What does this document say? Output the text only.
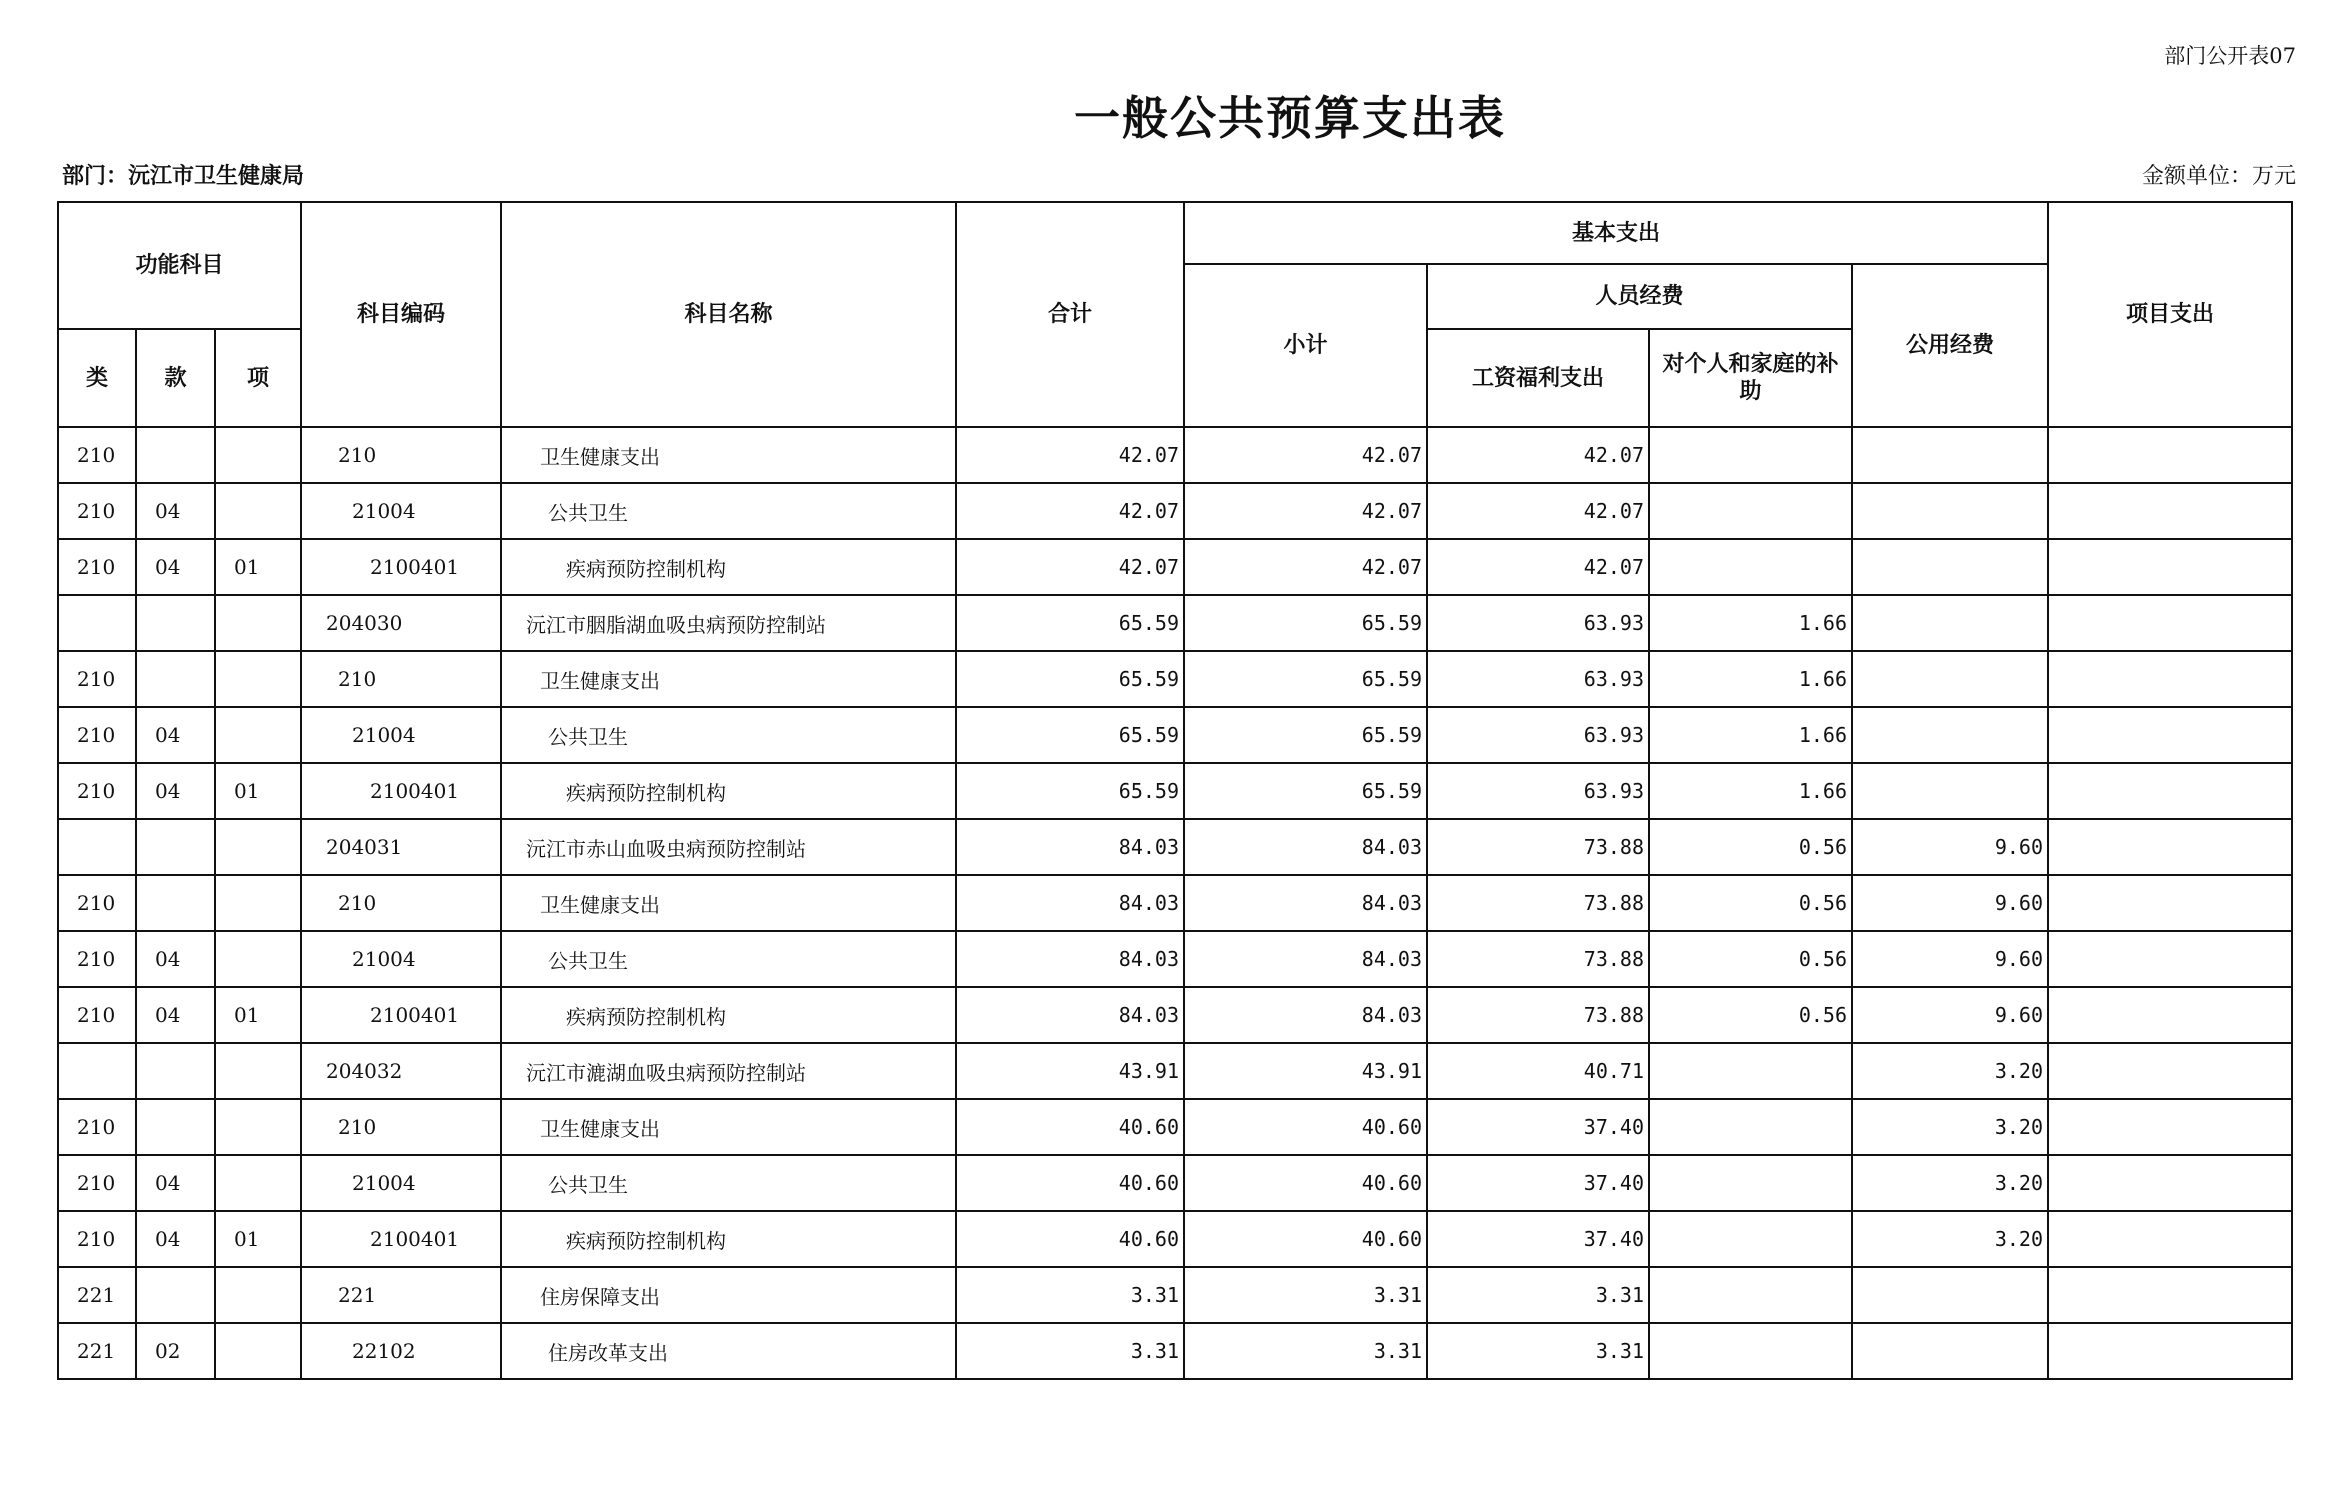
部门公开表07
一般公共预算支出表
部门：沅江市卫生健康局	金额单位：万元
功能科目			科目编码	科目名称	合计	基本支出				项目支出
						小计	人员经费		公用经费	
类	款	项					工资福利支出	对个人和家庭的补助		
210			210	卫生健康支出	42.07	42.07	42.07			
210	04		21004	公共卫生	42.07	42.07	42.07			
210	04	01	2100401	疾病预防控制机构	42.07	42.07	42.07			
			204030	沅江市胭脂湖血吸虫病预防控制站	65.59	65.59	63.93	1.66		
210			210	卫生健康支出	65.59	65.59	63.93	1.66		
210	04		21004	公共卫生	65.59	65.59	63.93	1.66		
210	04	01	2100401	疾病预防控制机构	65.59	65.59	63.93	1.66		
			204031	沅江市赤山血吸虫病预防控制站	84.03	84.03	73.88	0.56	9.60	
210			210	卫生健康支出	84.03	84.03	73.88	0.56	9.60	
210	04		21004	公共卫生	84.03	84.03	73.88	0.56	9.60	
210	04	01	2100401	疾病预防控制机构	84.03	84.03	73.88	0.56	9.60	
			204032	沅江市漉湖血吸虫病预防控制站	43.91	43.91	40.71		3.20	
210			210	卫生健康支出	40.60	40.60	37.40		3.20	
210	04		21004	公共卫生	40.60	40.60	37.40		3.20	
210	04	01	2100401	疾病预防控制机构	40.60	40.60	37.40		3.20	
221			221	住房保障支出	3.31	3.31	3.31			
221	02		22102	住房改革支出	3.31	3.31	3.31			
